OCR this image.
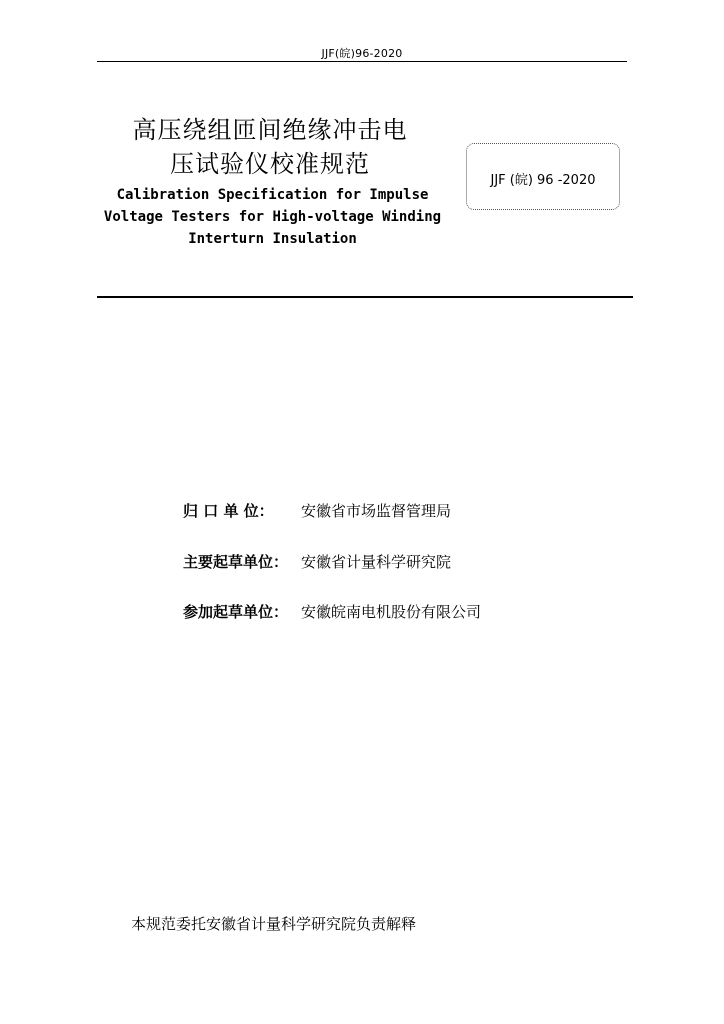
JJF(皖)96-2020
高压绕组匝间绝缘冲击电
压试验仪校准规范
Calibration Specification for Impulse
Voltage Testers for High-voltage Winding
Interturn Insulation
JJF (皖) 96 -2020
归 口 单 位： 安徽省市场监督管理局
主要起草单位： 安徽省计量科学研究院
参加起草单位： 安徽皖南电机股份有限公司
本规范委托安徽省计量科学研究院负责解释
